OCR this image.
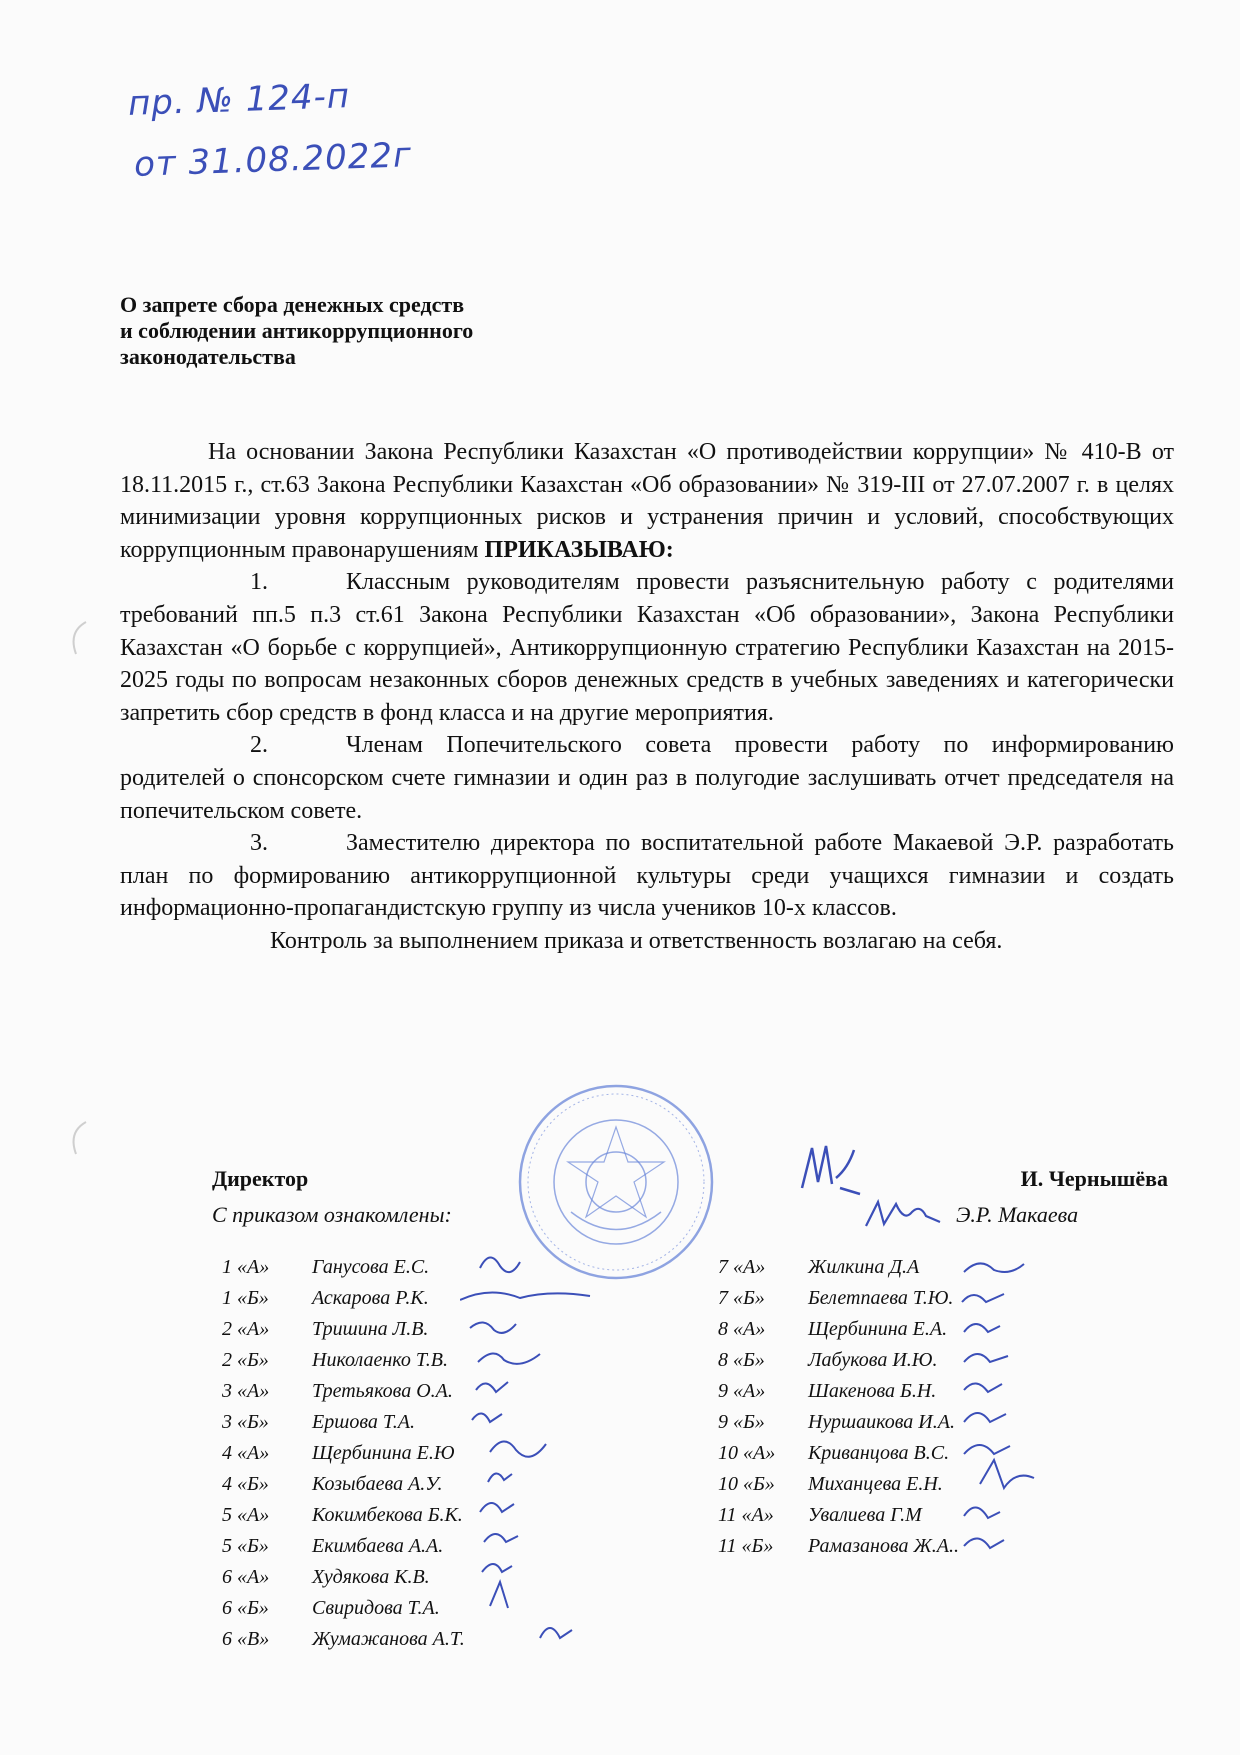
пр. № 124-п
от 31.08.2022г
О запрете сбора денежных средств
и соблюдении антикоррупционного
законодательства

На основании Закона Республики Казахстан «О противодействии коррупции» № 410-В от 18.11.2015 г., ст.63 Закона Республики Казахстан «Об образовании» № 319-III от 27.07.2007 г. в целях минимизации уровня коррупционных рисков и устранения причин и условий, способствующих коррупционным правонарушениям ПРИКАЗЫВАЮ:

1.	Классным руководителям провести разъяснительную работу с родителями требований пп.5 п.3 ст.61 Закона Республики Казахстан «Об образовании», Закона Республики Казахстан «О борьбе с коррупцией», Антикоррупционную стратегию Республики Казахстан на 2015-2025 годы по вопросам незаконных сборов денежных средств в учебных заведениях и категорически запретить сбор средств в фонд класса и на другие мероприятия.

2.	Членам Попечительского совета провести работу по информированию родителей о спонсорском счете гимназии и один раз в полугодие заслушивать отчет председателя на попечительском совете.

3.	Заместителю директора по воспитательной работе Макаевой Э.Р. разработать план по формированию антикоррупционной культуры среди учащихся гимназии и создать информационно-пропагандистскую группу из числа учеников 10-х классов.

Контроль за выполнением приказа и ответственность возлагаю на себя.

Директор	И. Чернышёва
С приказом ознакомлены:	Э.Р. Макаева
1 «А» Ганусова Е.С.
1 «Б» Аскарова Р.К.
2 «А» Тришина Л.В.
2 «Б» Николаенко Т.В.
3 «А» Третьякова О.А.
3 «Б» Ершова Т.А.
4 «А» Щербинина Е.Ю
4 «Б» Козыбаева А.У.
5 «А» Кокимбекова Б.К.
5 «Б» Екимбаева А.А.
6 «А» Худякова К.В.
6 «Б» Свиридова Т.А.
6 «В» Жумажанова А.Т.
7 «А» Жилкина Д.А
7 «Б» Белетпаева Т.Ю.
8 «А» Щербинина Е.А.
8 «Б»Лабукова И.Ю.
9 «А» Шакенова Б.Н.
9 «Б» Нуршаикова И.А.
10 «А» Криванцова В.С.
10 «Б» Миханцева Е.Н.
11 «А» Увалиева Г.М
11 «Б» Рамазанова Ж.А..
